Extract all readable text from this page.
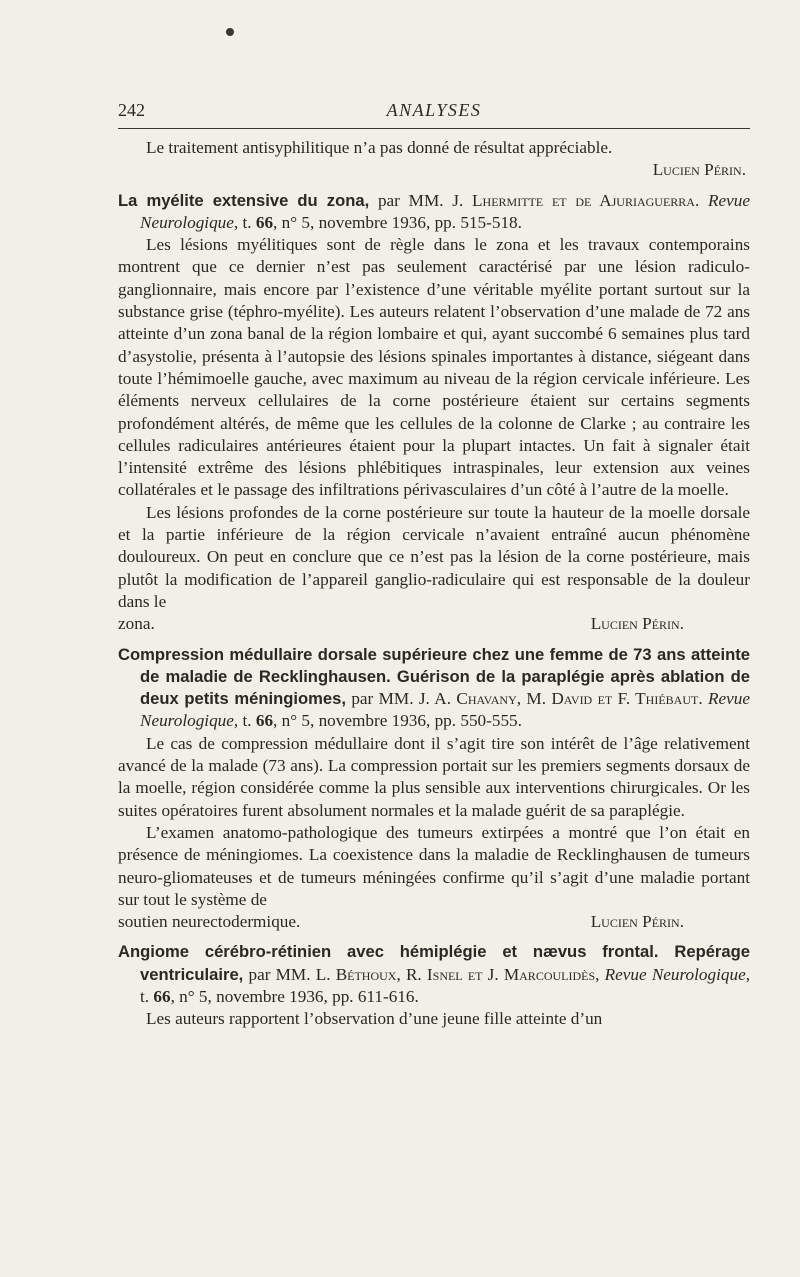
242	ANALYSES

Le traitement antisyphilitique n’a pas donné de résultat appréciable.

Lucien Périn.
La myélite extensive du zona, par MM. J. Lhermitte et de Ajuriaguerra. Revue Neurologique, t. 66, n° 5, novembre 1936, pp. 515-518.

Les lésions myélitiques sont de règle dans le zona et les travaux contemporains montrent que ce dernier n’est pas seulement caractérisé par une lésion radiculo-ganglionnaire, mais encore par l’existence d’une véritable myélite portant surtout sur la substance grise (téphro-myélite). Les auteurs relatent l’observation d’une malade de 72 ans atteinte d’un zona banal de la région lombaire et qui, ayant succombé 6 semaines plus tard d’asystolie, présenta à l’autopsie des lésions spinales importantes à distance, siégeant dans toute l’hémimoelle gauche, avec maximum au niveau de la région cervicale inférieure. Les éléments nerveux cellulaires de la corne postérieure étaient sur certains segments profondément altérés, de même que les cellules de la colonne de Clarke ; au contraire les cellules radiculaires antérieures étaient pour la plupart intactes. Un fait à signaler était l’intensité extrême des lésions phlébitiques intraspinales, leur extension aux veines collatérales et le passage des infiltrations périvasculaires d’un côté à l’autre de la moelle.

Les lésions profondes de la corne postérieure sur toute la hauteur de la moelle dorsale et la partie inférieure de la région cervicale n’avaient entraîné aucun phénomène douloureux. On peut en conclure que ce n’est pas la lésion de la corne postérieure, mais plutôt la modification de l’appareil ganglio-radiculaire qui est responsable de la douleur dans le

zona.	Lucien Périn.
Compression médullaire dorsale supérieure chez une femme de 73 ans atteinte de maladie de Recklinghausen. Guérison de la paraplégie après ablation de deux petits méningiomes, par MM. J. A. Chavany, M. David et F. Thiébaut. Revue Neurologique, t. 66, n° 5, novembre 1936, pp. 550-555.

Le cas de compression médullaire dont il s’agit tire son intérêt de l’âge relativement avancé de la malade (73 ans). La compression portait sur les premiers segments dorsaux de la moelle, région considérée comme la plus sensible aux interventions chirurgicales. Or les suites opératoires furent absolument normales et la malade guérit de sa paraplégie.

L’examen anatomo-pathologique des tumeurs extirpées a montré que l’on était en présence de méningiomes. La coexistence dans la maladie de Recklinghausen de tumeurs neuro-gliomateuses et de tumeurs méningées confirme qu’il s’agit d’une maladie portant sur tout le système de

soutien neurectodermique.	Lucien Périn.
Angiome cérébro-rétinien avec hémiplégie et nævus frontal. Repérage ventriculaire, par MM. L. Béthoux, R. Isnel et J. Marcoulidès, Revue Neurologique, t. 66, n° 5, novembre 1936, pp. 611-616.

Les auteurs rapportent l’observation d’une jeune fille atteinte d’un
